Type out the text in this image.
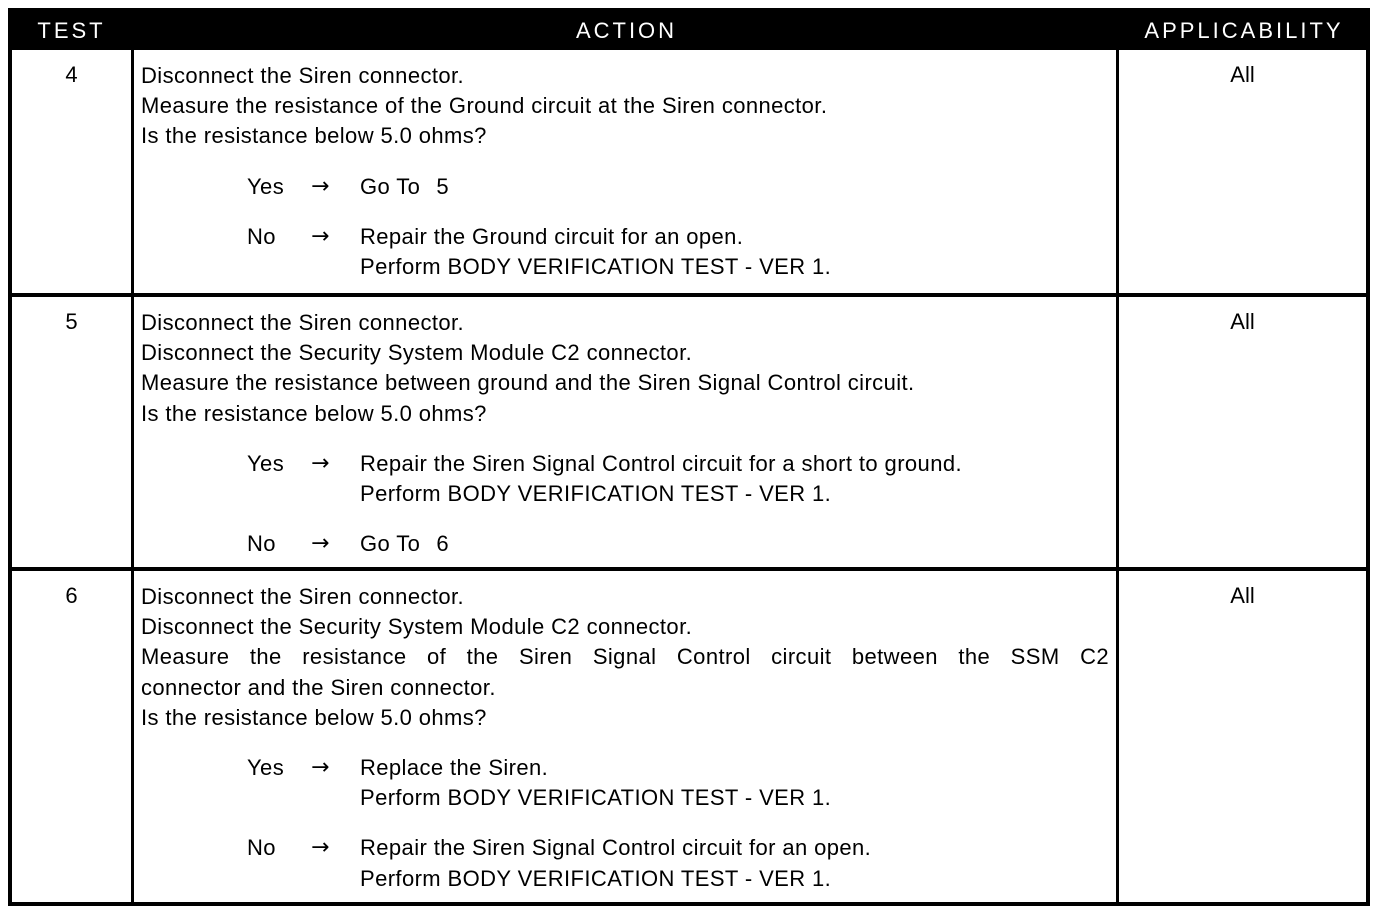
TEST	ACTION	APPLICABILITY
4	Disconnect the Siren connector.
Measure the resistance of the Ground circuit at the Siren connector.
Is the resistance below 5.0 ohms?
Yes → Go To 5
No → Repair the Ground circuit for an open.
Perform BODY VERIFICATION TEST - VER 1.
All
5	Disconnect the Siren connector.
Disconnect the Security System Module C2 connector.
Measure the resistance between ground and the Siren Signal Control circuit.
Is the resistance below 5.0 ohms?
Yes → Repair the Siren Signal Control circuit for a short to ground.
Perform BODY VERIFICATION TEST - VER 1.
No → Go To 6
All
6	Disconnect the Siren connector.
Disconnect the Security System Module C2 connector.
Measure the resistance of the Siren Signal Control circuit between the SSM C2
connector and the Siren connector.
Is the resistance below 5.0 ohms?
Yes → Replace the Siren.
Perform BODY VERIFICATION TEST - VER 1.
No → Repair the Siren Signal Control circuit for an open.
Perform BODY VERIFICATION TEST - VER 1.
All
